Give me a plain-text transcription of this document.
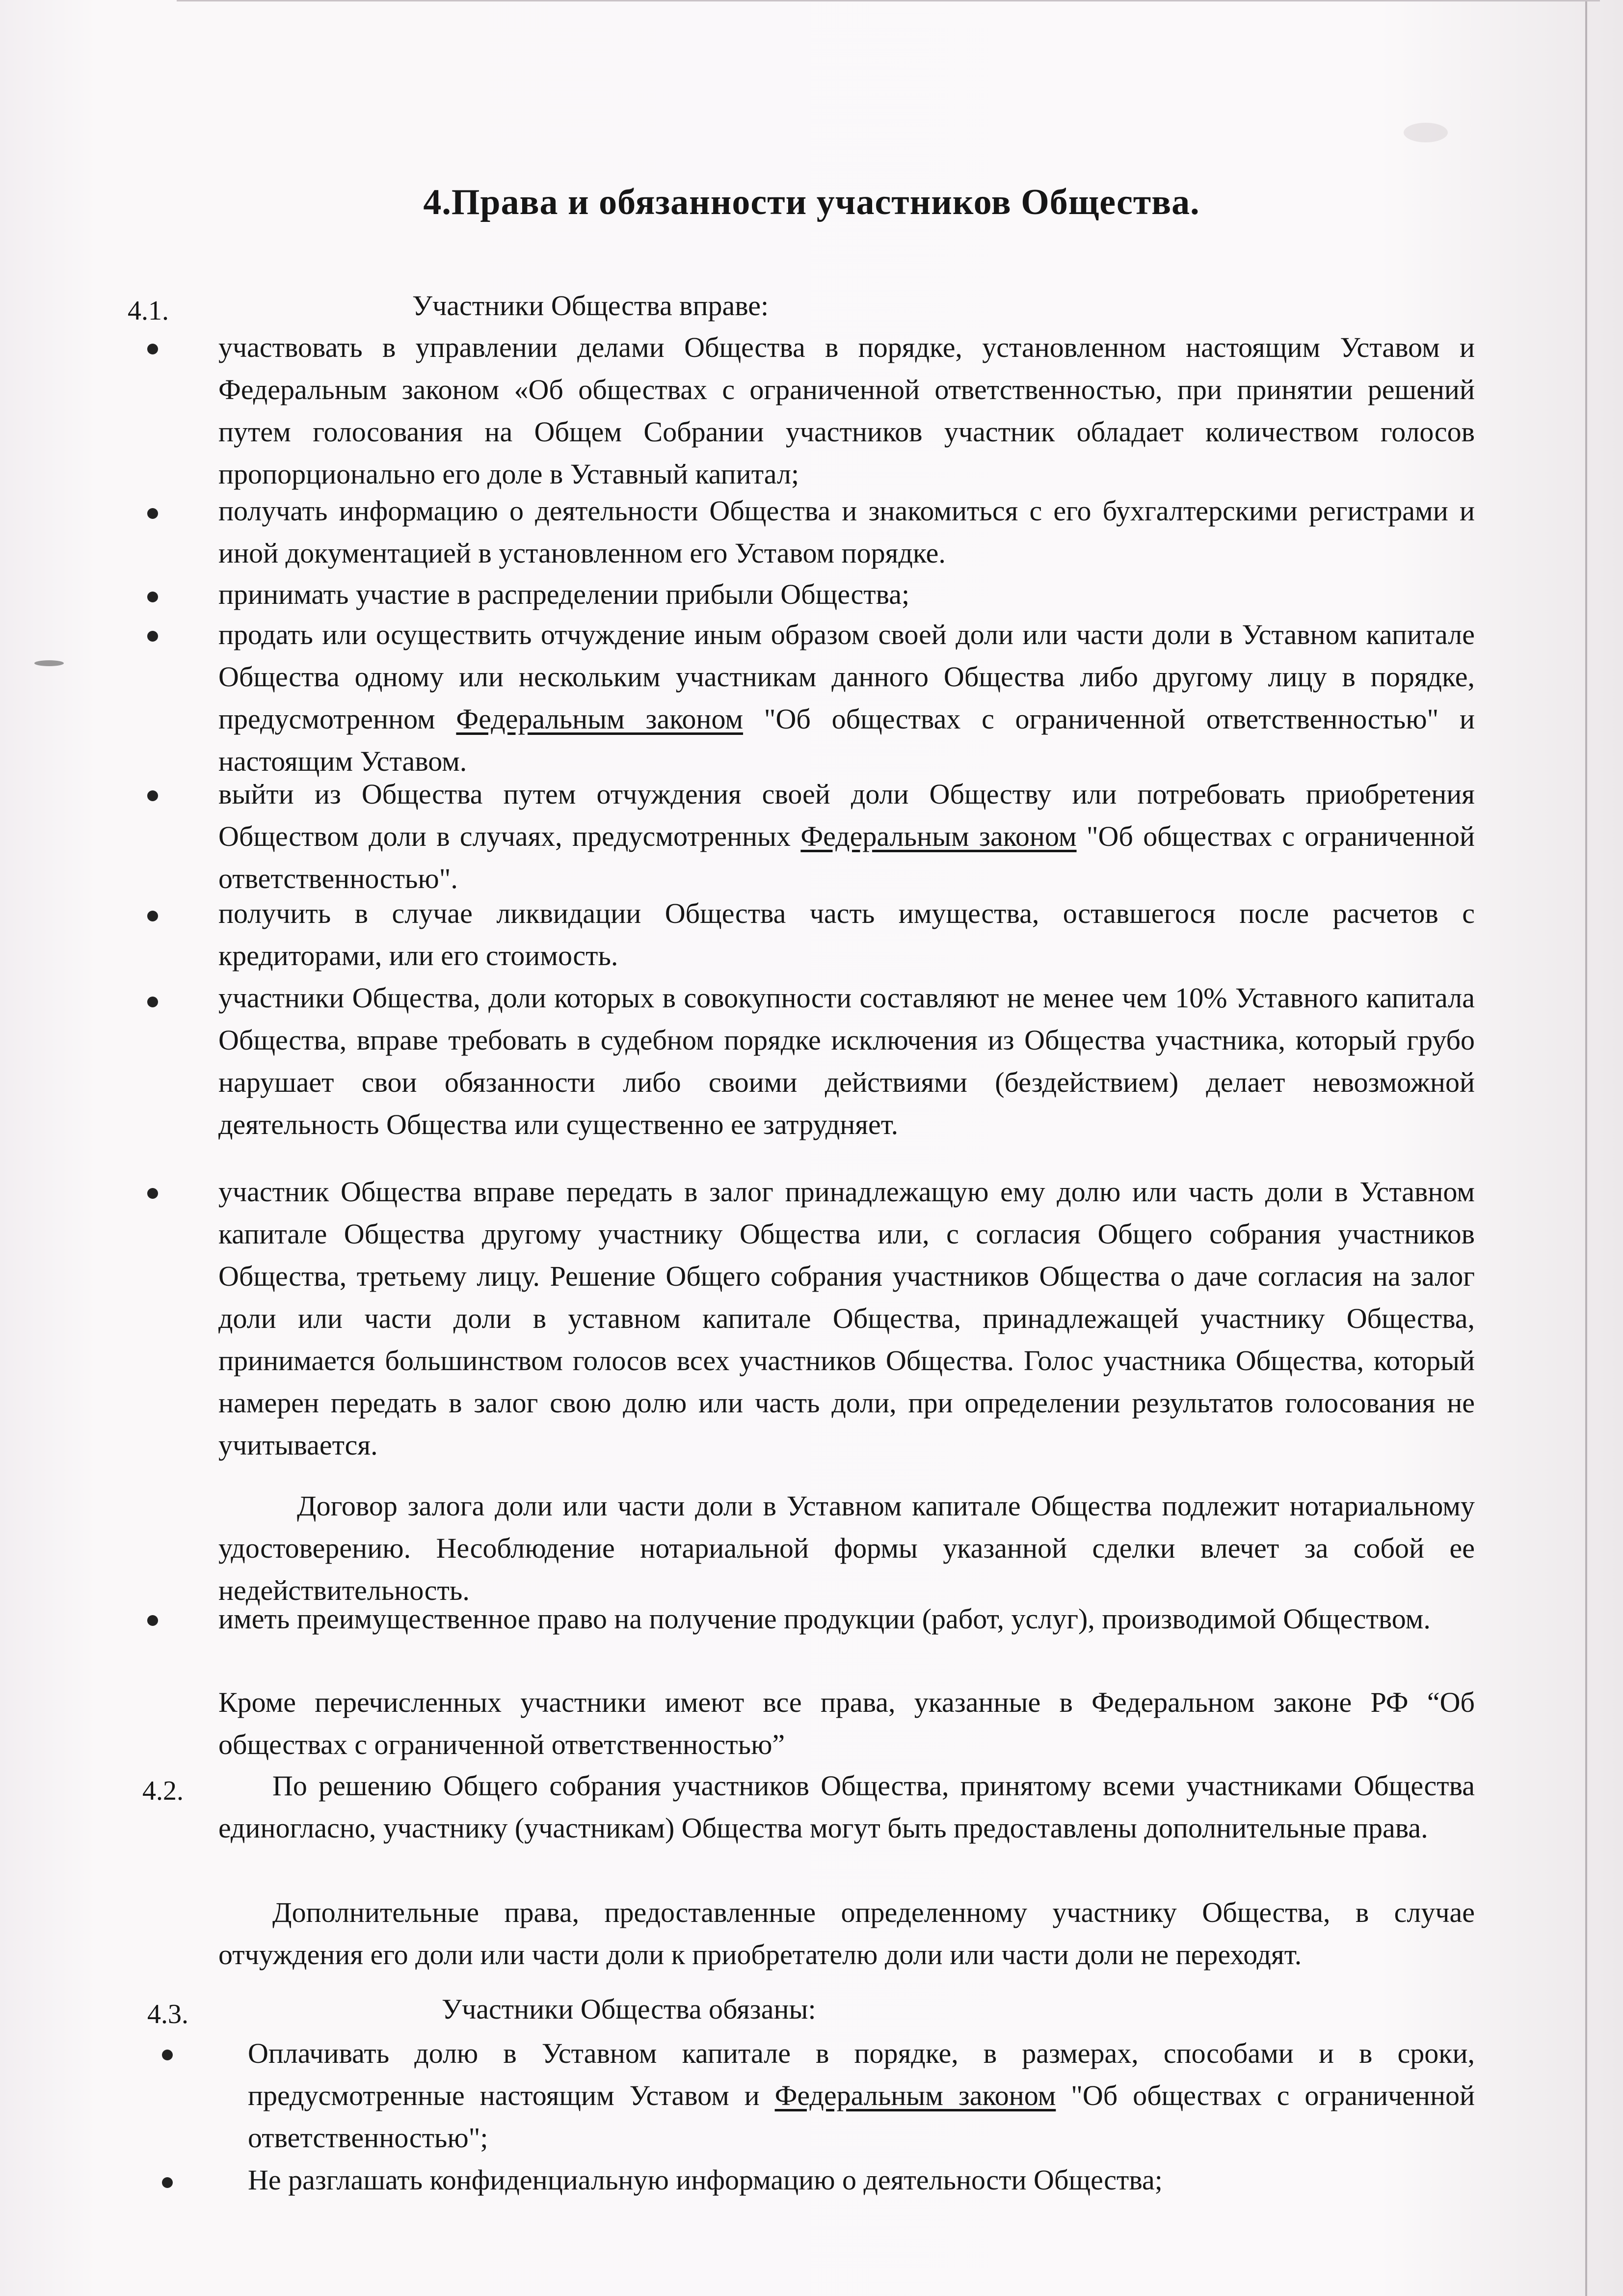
4.Права и обязанности участников Общества.
4.1.	Участники Общества вправе:
участвовать в управлении делами Общества в порядке, установленном настоящим Уставом и Федеральным законом «Об обществах с ограниченной ответственностью, при принятии решений путем голосования на Общем Собрании участников участник обладает количеством голосов пропорционально его доле в Уставный капитал;
получать информацию о деятельности Общества и знакомиться с его бухгалтерскими регистрами и иной документацией в установленном его Уставом порядке.
принимать участие в распределении прибыли Общества;
продать или осуществить отчуждение иным образом своей доли или части доли в Уставном капитале Общества одному или нескольким участникам данного Общества либо другому лицу в порядке, предусмотренном Федеральным законом "Об обществах с ограниченной ответственностью" и настоящим Уставом.
выйти из Общества путем отчуждения своей доли Обществу или потребовать приобретения Обществом доли в случаях, предусмотренных Федеральным законом "Об обществах с ограниченной ответственностью".
получить в случае ликвидации Общества часть имущества, оставшегося после расчетов с кредиторами, или его стоимость.
участники Общества, доли которых в совокупности составляют не менее чем 10% Уставного капитала Общества, вправе требовать в судебном порядке исключения из Общества участника, который грубо нарушает свои обязанности либо своими действиями (бездействием) делает невозможной деятельность Общества или существенно ее затрудняет.
участник Общества вправе передать в залог принадлежащую ему долю или часть доли в Уставном капитале Общества другому участнику Общества или, с согласия Общего собрания участников Общества, третьему лицу. Решение Общего собрания участников Общества о даче согласия на залог доли или части доли в уставном капитале Общества, принадлежащей участнику Общества, принимается большинством голосов всех участников Общества. Голос участника Общества, который намерен передать в залог свою долю или часть доли, при определении результатов голосования не учитывается.
Договор залога доли или части доли в Уставном капитале Общества подлежит нотариальному удостоверению. Несоблюдение нотариальной формы указанной сделки влечет за собой ее недействительность.
иметь преимущественное право на получение продукции (работ, услуг), производимой Обществом.
Кроме перечисленных участники имеют все права, указанные в Федеральном законе РФ “Об обществах с ограниченной ответственностью”
4.2.	По решению Общего собрания участников Общества, принятому всеми участниками Общества единогласно, участнику (участникам) Общества могут быть предоставлены дополнительные права.
Дополнительные права, предоставленные определенному участнику Общества, в случае отчуждения его доли или части доли к приобретателю доли или части доли не переходят.
4.3.	Участники Общества обязаны:
Оплачивать долю в Уставном капитале в порядке, в размерах, способами и в сроки, предусмотренные настоящим Уставом и Федеральным законом "Об обществах с ограниченной ответственностью";
Не разглашать конфиденциальную информацию о деятельности Общества;
